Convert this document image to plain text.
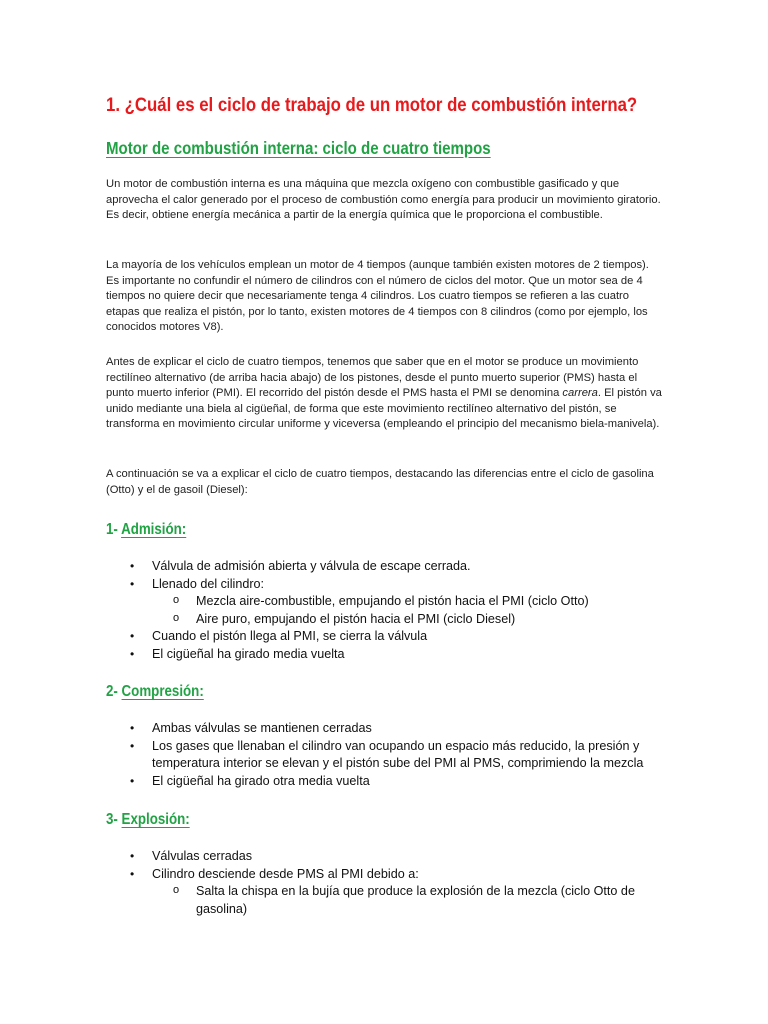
1. ¿Cuál es el ciclo de trabajo de un motor de combustión interna?
Motor de combustión interna: ciclo de cuatro tiempos

Un motor de combustión interna es una máquina que mezcla oxígeno con combustible gasificado y que aprovecha el calor generado por el proceso de combustión como energía para producir un movimiento giratorio. Es decir, obtiene energía mecánica a partir de la energía química que le proporciona el combustible.

La mayoría de los vehículos emplean un motor de 4 tiempos (aunque también existen motores de 2 tiempos). Es importante no confundir el número de cilindros con el número de ciclos del motor. Que un motor sea de 4 tiempos no quiere decir que necesariamente tenga 4 cilindros. Los cuatro tiempos se refieren a las cuatro etapas que realiza el pistón, por lo tanto, existen motores de 4 tiempos con 8 cilindros (como por ejemplo, los conocidos motores V8).

Antes de explicar el ciclo de cuatro tiempos, tenemos que saber que en el motor se produce un movimiento rectilíneo alternativo (de arriba hacia abajo) de los pistones, desde el punto muerto superior (PMS) hasta el punto muerto inferior (PMI). El recorrido del pistón desde el PMS hasta el PMI se denomina carrera. El pistón va unido mediante una biela al cigüeñal, de forma que este movimiento rectilíneo alternativo del pistón, se transforma en movimiento circular uniforme y viceversa (empleando el principio del mecanismo biela-manivela).

A continuación se va a explicar el ciclo de cuatro tiempos, destacando las diferencias entre el ciclo de gasolina (Otto) y el de gasoil (Diesel):

1- Admisión:
• Válvula de admisión abierta y válvula de escape cerrada.
• Llenado del cilindro:
o Mezcla aire-combustible, empujando el pistón hacia el PMI (ciclo Otto)
o Aire puro, empujando el pistón hacia el PMI (ciclo Diesel)
• Cuando el pistón llega al PMI, se cierra la válvula
• El cigüeñal ha girado media vuelta
2- Compresión:
• Ambas válvulas se mantienen cerradas
• Los gases que llenaban el cilindro van ocupando un espacio más reducido, la presión y temperatura interior se elevan y el pistón sube del PMI al PMS, comprimiendo la mezcla
• El cigüeñal ha girado otra media vuelta
3- Explosión:
• Válvulas cerradas
• Cilindro desciende desde PMS al PMI debido a:
o Salta la chispa en la bujía que produce la explosión de la mezcla (ciclo Otto de gasolina)
